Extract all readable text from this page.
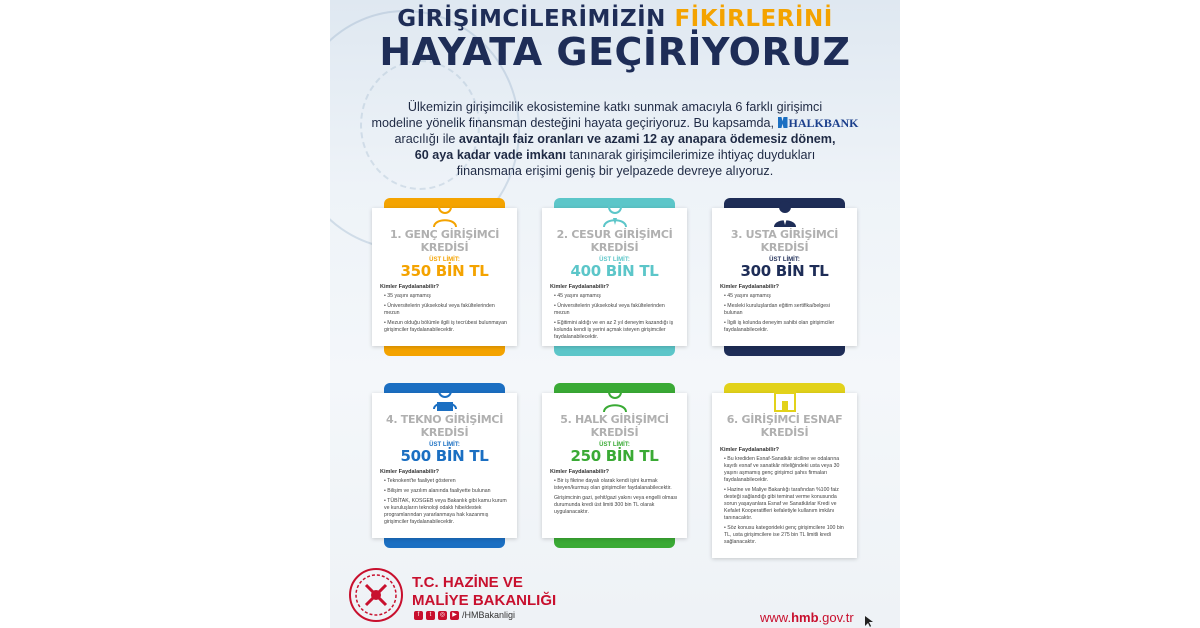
GİRİŞİMCİLERİMİZİN FİKİRLERİNİ
HAYATA GEÇİRİYORUZ
Ülkemizin girişimcilik ekosistemine katkı sunmak amacıyla 6 farklı girişimci
modeline yönelik finansman desteğini hayata geçiriyoruz. Bu kapsamda, HALKBANK
aracılığı ile avantajlı faiz oranları ve azami 12 ay anapara ödemesiz dönem,
60 aya kadar vade imkanı tanınarak girişimcilerimize ihtiyaç duydukları
finansmana erişimi geniş bir yelpazede devreye alıyoruz.
1. GENÇ GİRİŞİMCİ KREDİSİ
ÜST LİMİT:
350 BİN TL
Kimler Faydalanabilir?
• 35 yaşını aşmamış
• Üniversitelerin yüksekokul veya fakültelerinden mezun
• Mezun olduğu bölümle ilgili iş tecrübesi bulunmayan girişimciler faydalanabilecektir.
2. CESUR GİRİŞİMCİ KREDİSİ
ÜST LİMİT:
400 BİN TL
Kimler Faydalanabilir?
• 45 yaşını aşmamış
• Üniversitelerin yüksekokul veya fakültelerinden mezun
• Eğitimini aldığı ve en az 2 yıl deneyim kazandığı iş kolunda kendi iş yerini açmak isteyen girişimciler faydalanabilecektir.
3. USTA GİRİŞİMCİ KREDİSİ
ÜST LİMİT:
300 BİN TL
Kimler Faydalanabilir?
• 45 yaşını aşmamış
• Mesleki kuruluşlardan eğitim sertifika/belgesi bulunan
• İlgili iş kolunda deneyim sahibi olan girişimciler faydalanabilecektir.
4. TEKNO GİRİŞİMCİ KREDİSİ
ÜST LİMİT:
500 BİN TL
Kimler Faydalanabilir?
• Teknokent'te faaliyet gösteren
• Bilişim ve yazılım alanında faaliyette bulunan
• TÜBİTAK, KOSGEB veya Bakanlık gibi kamu kurum ve kuruluşların teknoloji odaklı hibe/destek programlarından yararlanmaya hak kazanmış girişimciler faydalanabilecektir.
5. HALK GİRİŞİMCİ KREDİSİ
ÜST LİMİT:
250 BİN TL
Kimler Faydalanabilir?
• Bir iş fikrine dayalı olarak kendi işini kurmak isteyen/kurmuş olan girişimciler faydalanabilecektir.
Girişimcinin gazi, şehit/gazi yakını veya engelli olması durumunda kredi üst limiti 300 bin TL olarak uygulanacaktır.
6. GİRİŞİMCİ ESNAF KREDİSİ
Kimler Faydalanabilir?
• Bu krediden Esnaf-Sanatkâr siciline ve odalarına kayıtlı esnaf ve sanatkâr niteliğindeki usta veya 30 yaşını aşmamış genç girişimci şahıs firmaları faydalanabilecektir.
• Hazine ve Maliye Bakanlığı tarafından %100 faiz desteği sağlandığı gibi teminat verme konusunda sorun yaşayanlara Esnaf ve Sanatkârlar Kredi ve Kefalet Kooperatifleri kefaletiyle kullanım imkânı tanınacaktır.
• Söz konusu kategorideki genç girişimcilere 100 bin TL, usta girişimcilere ise 275 bin TL limitli kredi sağlanacaktır.
T.C. HAZİNE VE
MALİYE BAKANLIĞI
f	t	◎	▶ /HMBakanligi	www.hmb.gov.tr
